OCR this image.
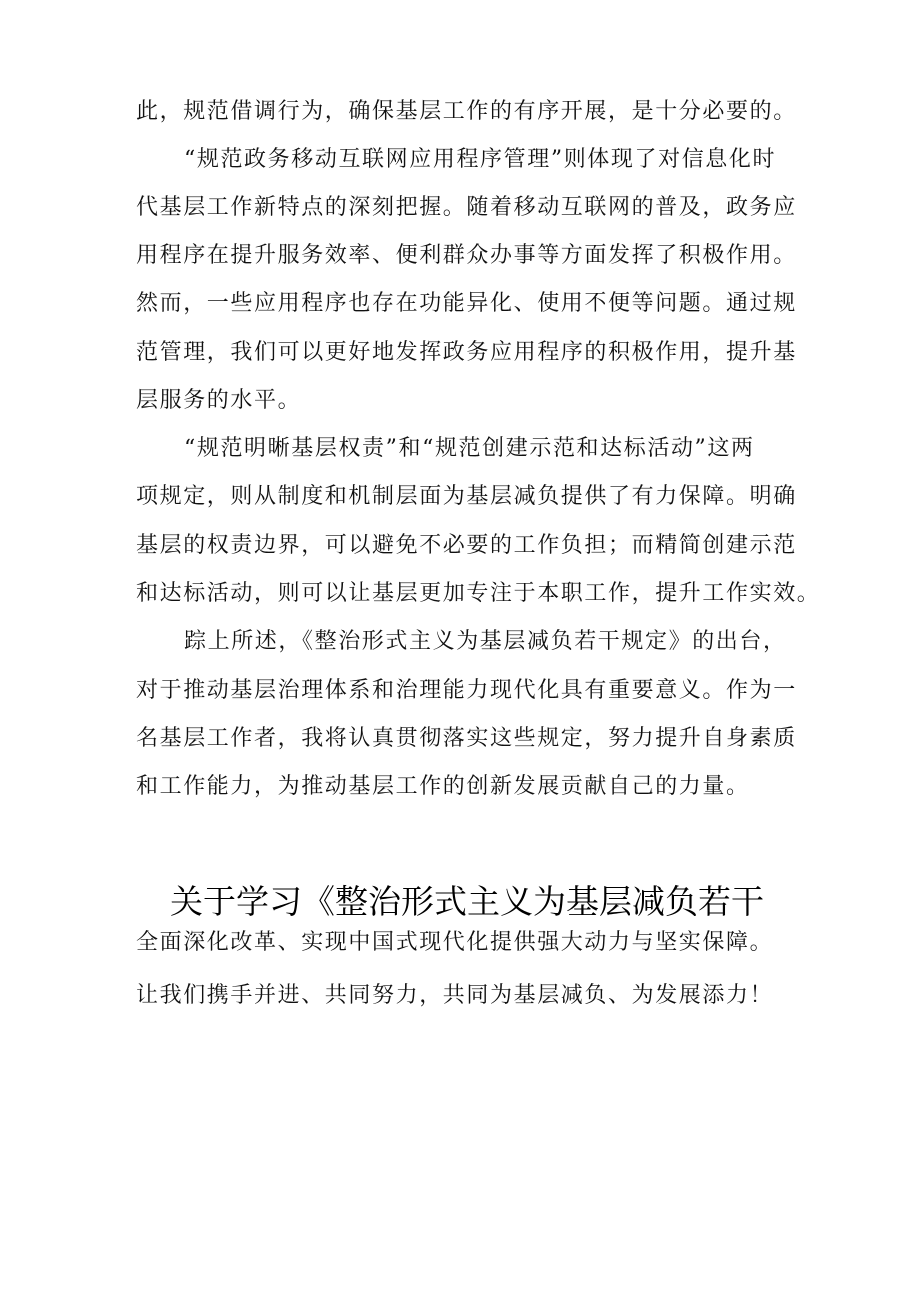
此，规范借调行为，确保基层工作的有序开展，是十分必要的。

“规范政务移动互联网应用程序管理”则体现了对信息化时

代基层工作新特点的深刻把握。随着移动互联网的普及，政务应

用程序在提升服务效率、便利群众办事等方面发挥了积极作用。

然而，一些应用程序也存在功能异化、使用不便等问题。通过规

范管理，我们可以更好地发挥政务应用程序的积极作用，提升基

层服务的水平。

“规范明晰基层权责”和“规范创建示范和达标活动”这两

项规定，则从制度和机制层面为基层减负提供了有力保障。明确

基层的权责边界，可以避免不必要的工作负担；而精简创建示范

和达标活动，则可以让基层更加专注于本职工作，提升工作实效。

踪上所述，《整治形式主义为基层减负若干规定》的出台，

对于推动基层治理体系和治理能力现代化具有重要意义。作为一

名基层工作者，我将认真贯彻落实这些规定，努力提升自身素质

和工作能力，为推动基层工作的创新发展贡献自己的力量。

关于学习《整治形式主义为基层减负若干

全面深化改革、实现中国式现代化提供强大动力与坚实保障。

让我们携手并进、共同努力，共同为基层减负、为发展添力！
